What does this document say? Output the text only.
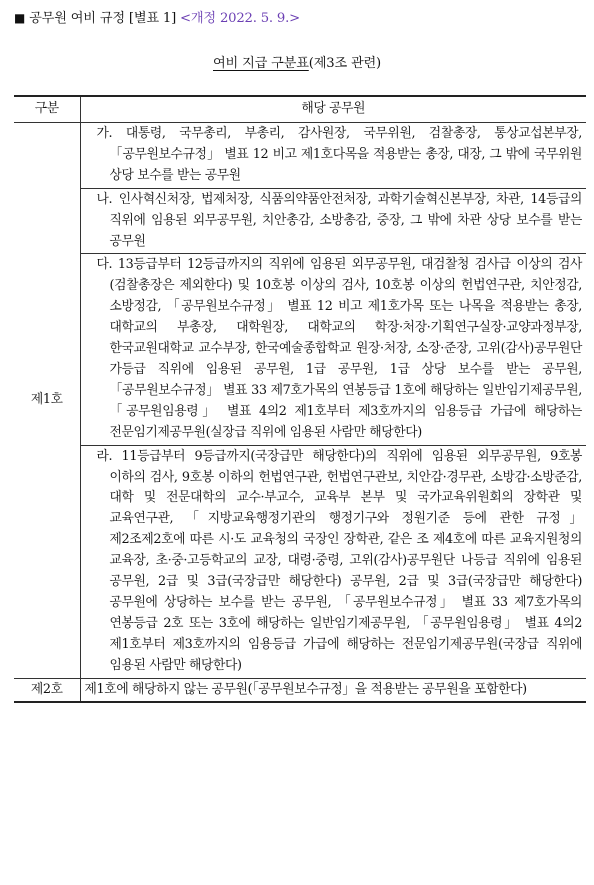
■ 공무원 여비 규정 [별표 1] <개정 2022. 5. 9.>
여비 지급 구분표(제3조 관련)
구분	해당 공무원
제1호	가. 대통령, 국무총리, 부총리, 감사원장, 국무위원, 검찰총장, 통상교섭본부장, 「공무원보수규정」 별표 12 비고 제1호다목을 적용받는 총장, 대장, 그 밖에 국무위원 상당 보수를 받는 공무원

	나. 인사혁신처장, 법제처장, 식품의약품안전처장, 과학기술혁신본부장, 차관, 14등급의 직위에 임용된 외무공무원, 치안총감, 소방총감, 중장, 그 밖에 차관 상당 보수를 받는 공무원

	다. 13등급부터 12등급까지의 직위에 임용된 외무공무원, 대검찰청 검사급 이상의 검사(검찰총장은 제외한다) 및 10호봉 이상의 검사, 10호봉 이상의 헌법연구관, 치안정감, 소방정감, 「공무원보수규정」 별표 12 비고 제1호가목 또는 나목을 적용받는 총장, 대학교의 부총장, 대학원장, 대학교의 학장·처장·기획연구실장·교양과정부장, 한국교원대학교 교수부장, 한국예술종합학교 원장·처장, 소장·준장, 고위(감사)공무원단 가등급 직위에 임용된 공무원, 1급 공무원, 1급 상당 보수를 받는 공무원, 「공무원보수규정」 별표 33 제7호가목의 연봉등급 1호에 해당하는 일반임기제공무원, 「공무원임용령」 별표 4의2 제1호부터 제3호까지의 임용등급 가급에 해당하는 전문임기제공무원(실장급 직위에 임용된 사람만 해당한다)

	라. 11등급부터 9등급까지(국장급만 해당한다)의 직위에 임용된 외무공무원, 9호봉 이하의 검사, 9호봉 이하의 헌법연구관, 헌법연구관보, 치안감·경무관, 소방감·소방준감, 대학 및 전문대학의 교수·부교수, 교육부 본부 및 국가교육위원회의 장학관 및 교육연구관, 「지방교육행정기관의 행정기구와 정원기준 등에 관한 규정」 제2조제2호에 따른 시·도 교육청의 국장인 장학관, 같은 조 제4호에 따른 교육지원청의 교육장, 초·중·고등학교의 교장, 대령·중령, 고위(감사)공무원단 나등급 직위에 임용된 공무원, 2급 및 3급(국장급만 해당한다) 공무원, 2급 및 3급(국장급만 해당한다) 공무원에 상당하는 보수를 받는 공무원, 「공무원보수규정」 별표 33 제7호가목의 연봉등급 2호 또는 3호에 해당하는 일반임기제공무원, 「공무원임용령」 별표 4의2 제1호부터 제3호까지의 임용등급 가급에 해당하는 전문임기제공무원(국장급 직위에 임용된 사람만 해당한다)

제2호	제1호에 해당하지 않는 공무원(「공무원보수규정」을 적용받는 공무원을 포함한다)
